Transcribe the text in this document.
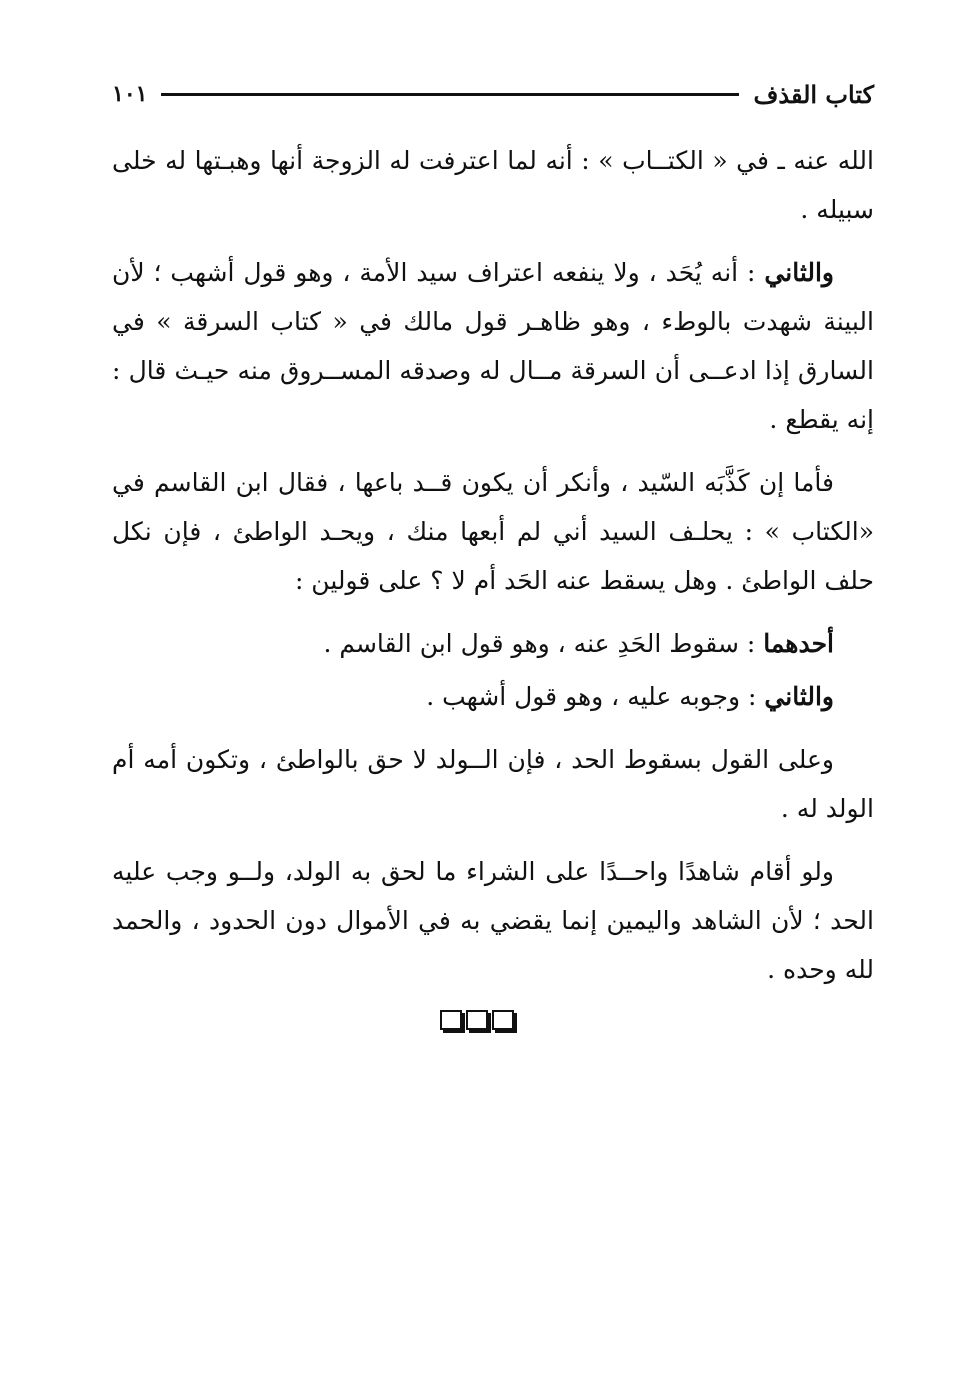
كتاب القذف
١٠١

الله عنه ـ في « الكتــاب » : أنه لما اعترفت له الزوجة أنها وهبـتها له خلى سبيله .

والثاني : أنه يُحَد ، ولا ينفعه اعتراف سيد الأمة ، وهو قول أشهب ؛ لأن البينة شهدت بالوطء ، وهو ظاهـر قول مالك في « كتاب السرقة » في السارق إذا ادعــى أن السرقة مــال له وصدقه المســروق منه حيـث قال : إنه يقطع .

فأما إن كَذَّبَه السّيد ، وأنكر أن يكون قــد باعها ، فقال ابن القاسم في «الكتاب » : يحلـف السيد أني لم أبعها منك ، ويحـد الواطئ ، فإن نكل حلف الواطئ . وهل يسقط عنه الحَد أم لا ؟ على قولين :

أحدهما : سقوط الحَدِ عنه ، وهو قول ابن القاسم .

والثاني : وجوبه عليه ، وهو قول أشهب .

وعلى القول بسقوط الحد ، فإن الــولد لا حق بالواطئ ، وتكون أمه أم الولد له .

ولو أقام شاهدًا واحــدًا على الشراء ما لحق به الولد، ولــو وجب عليه الحد ؛ لأن الشاهد واليمين إنما يقضي به في الأموال دون الحدود ، والحمد لله وحده .
